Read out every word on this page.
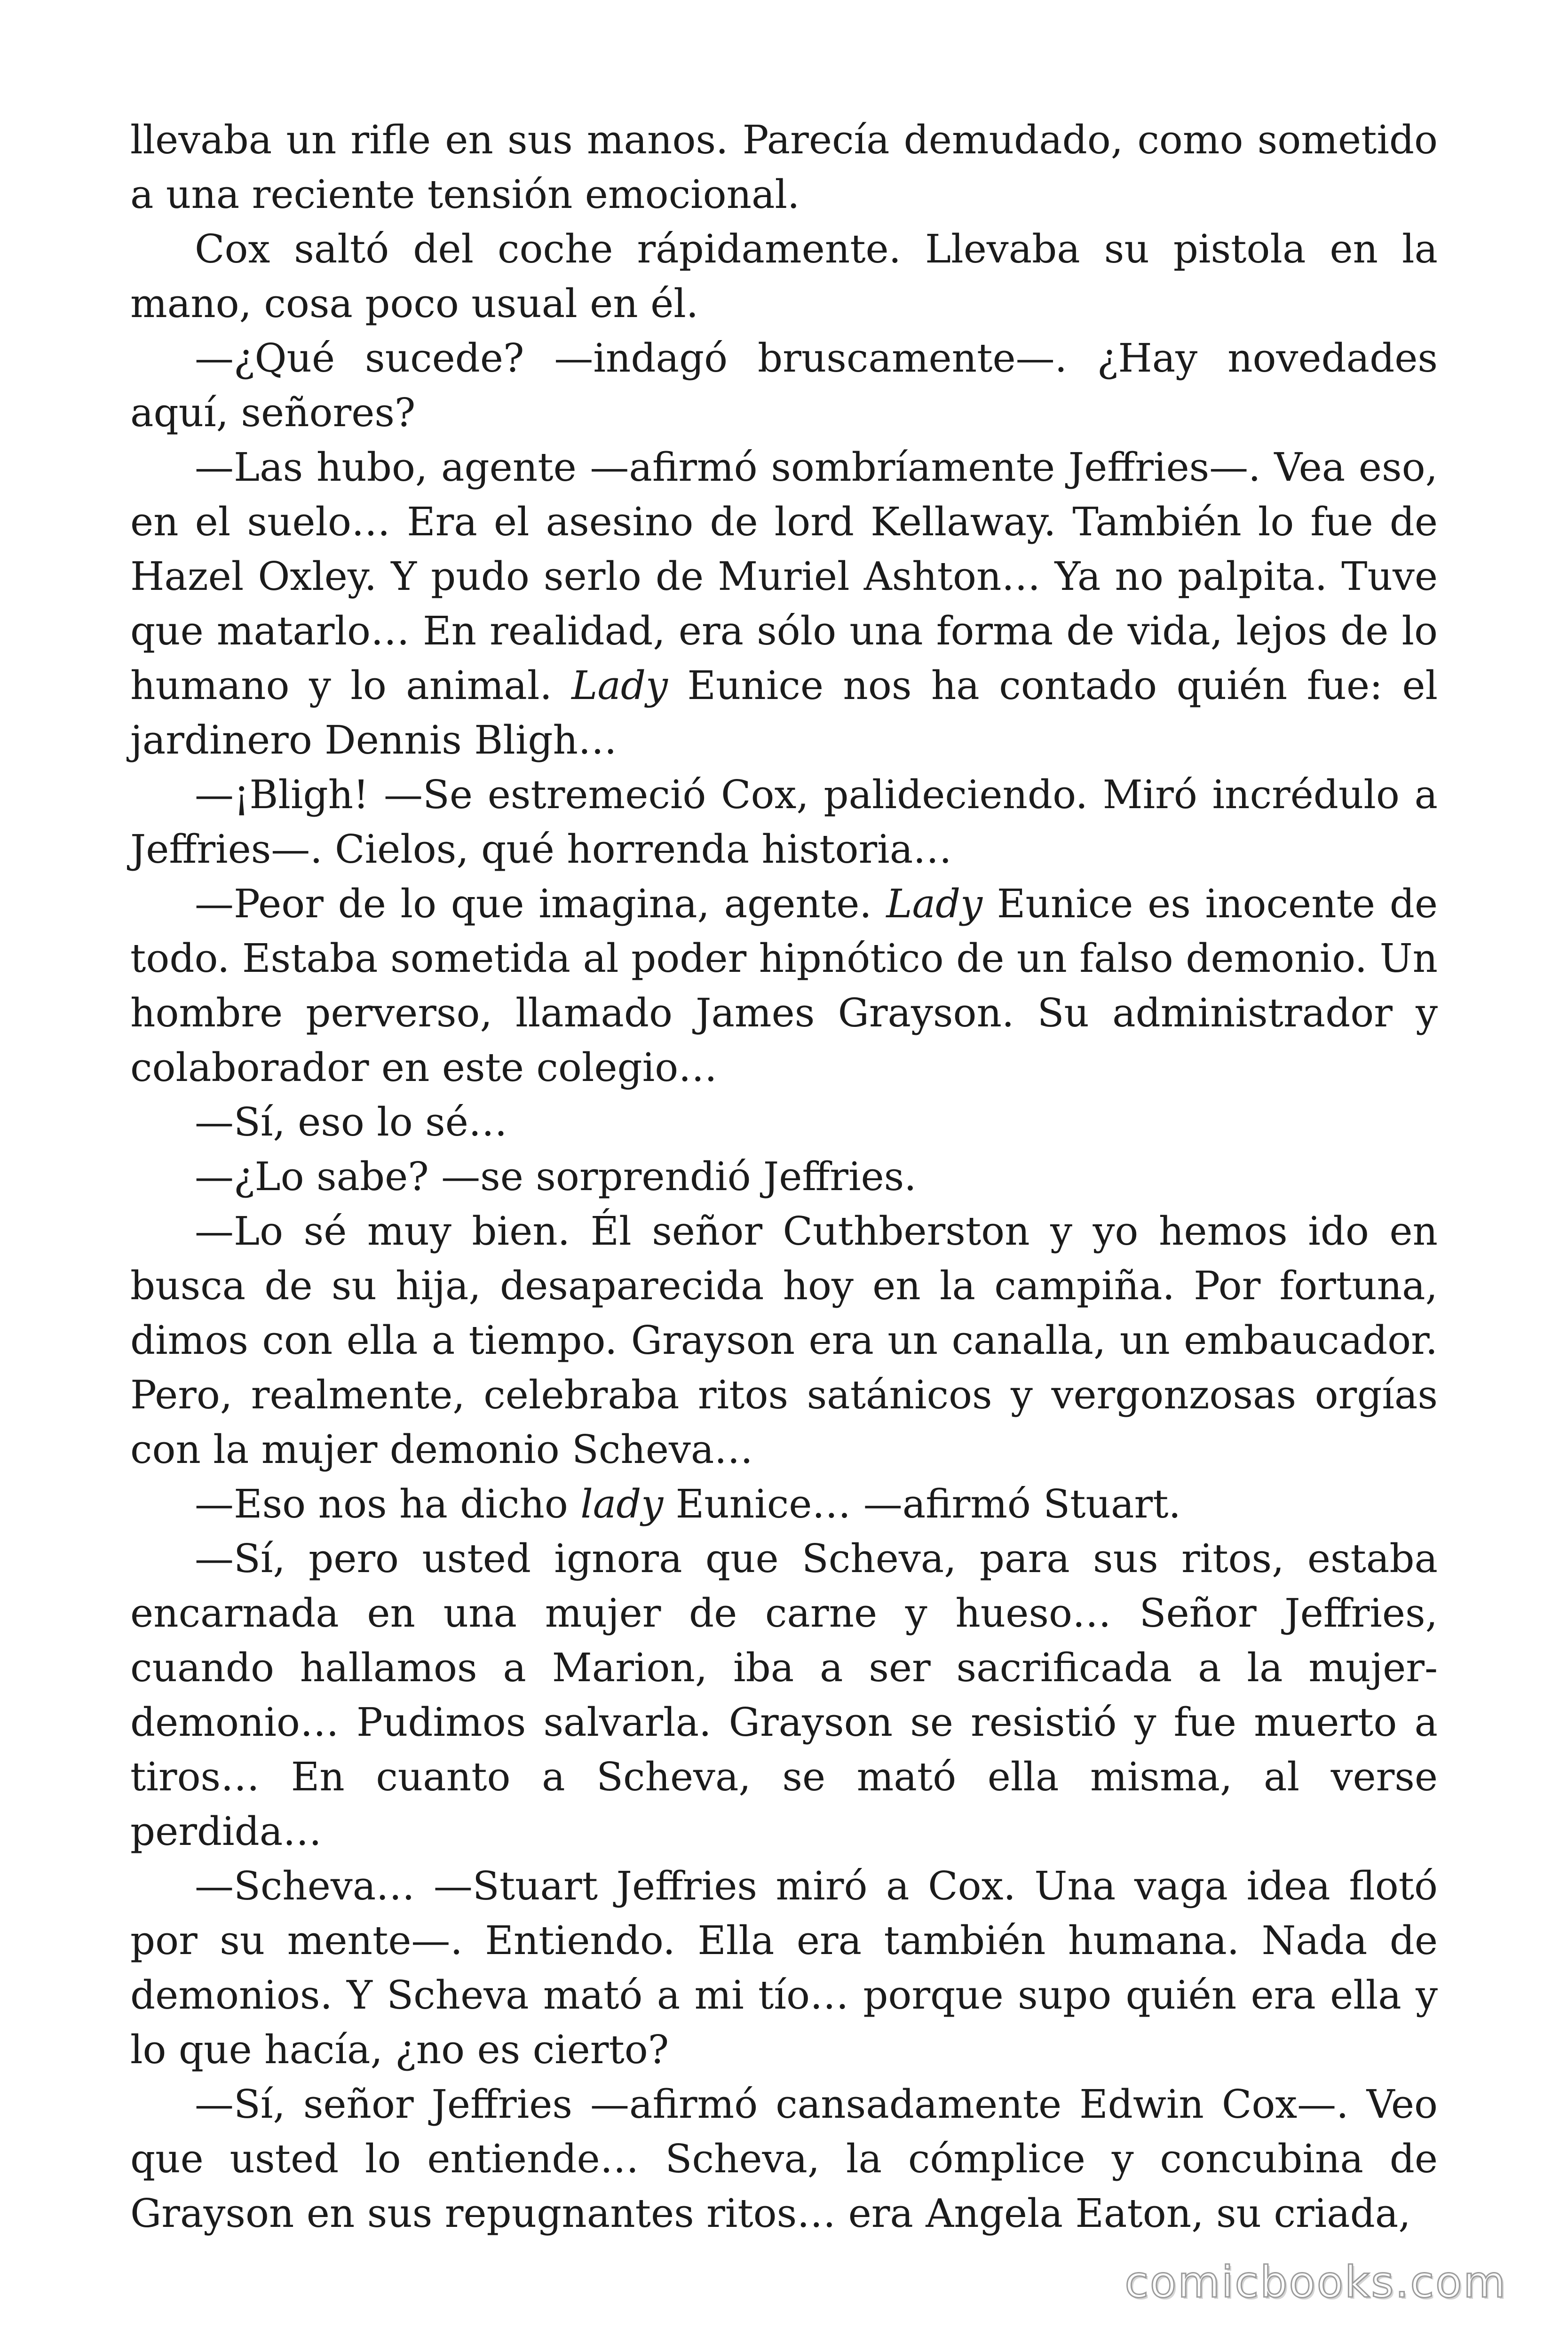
llevaba un rifle en sus manos. Parecía demudado, como sometido a una reciente tensión emocional.

Cox saltó del coche rápidamente. Llevaba su pistola en la mano, cosa poco usual en él.

—¿Qué sucede? —indagó bruscamente—. ¿Hay novedades aquí, señores?

—Las hubo, agente —afirmó sombríamente Jeffries—. Vea eso, en el suelo… Era el asesino de lord Kellaway. También lo fue de Hazel Oxley. Y pudo serlo de Muriel Ashton… Ya no palpita. Tuve que matarlo… En realidad, era sólo una forma de vida, lejos de lo humano y lo animal. Lady Eunice nos ha contado quién fue: el jardinero Dennis Bligh…

—¡Bligh! —Se estremeció Cox, palideciendo. Miró incrédulo a Jeffries—. Cielos, qué horrenda historia…

—Peor de lo que imagina, agente. Lady Eunice es inocente de todo. Estaba sometida al poder hipnótico de un falso demonio. Un hombre perverso, llamado James Grayson. Su administrador y colaborador en este colegio…

—Sí, eso lo sé…

—¿Lo sabe? —se sorprendió Jeffries.

—Lo sé muy bien. Él señor Cuthberston y yo hemos ido en busca de su hija, desaparecida hoy en la campiña. Por fortuna, dimos con ella a tiempo. Grayson era un canalla, un embaucador. Pero, realmente, celebraba ritos satánicos y vergonzosas orgías con la mujer demonio Scheva…

—Eso nos ha dicho lady Eunice… —afirmó Stuart.

—Sí, pero usted ignora que Scheva, para sus ritos, estaba encarnada en una mujer de carne y hueso… Señor Jeffries, cuando hallamos a Marion, iba a ser sacrificada a la mujer-demonio… Pudimos salvarla. Grayson se resistió y fue muerto a tiros… En cuanto a Scheva, se mató ella misma, al verse perdida…

—Scheva… —Stuart Jeffries miró a Cox. Una vaga idea flotó por su mente—. Entiendo. Ella era también humana. Nada de demonios. Y Scheva mató a mi tío… porque supo quién era ella y lo que hacía, ¿no es cierto?

—Sí, señor Jeffries —afirmó cansadamente Edwin Cox—. Veo que usted lo entiende… Scheva, la cómplice y concubina de Grayson en sus repugnantes ritos… era Angela Eaton, su criada,

comicbooks.com
